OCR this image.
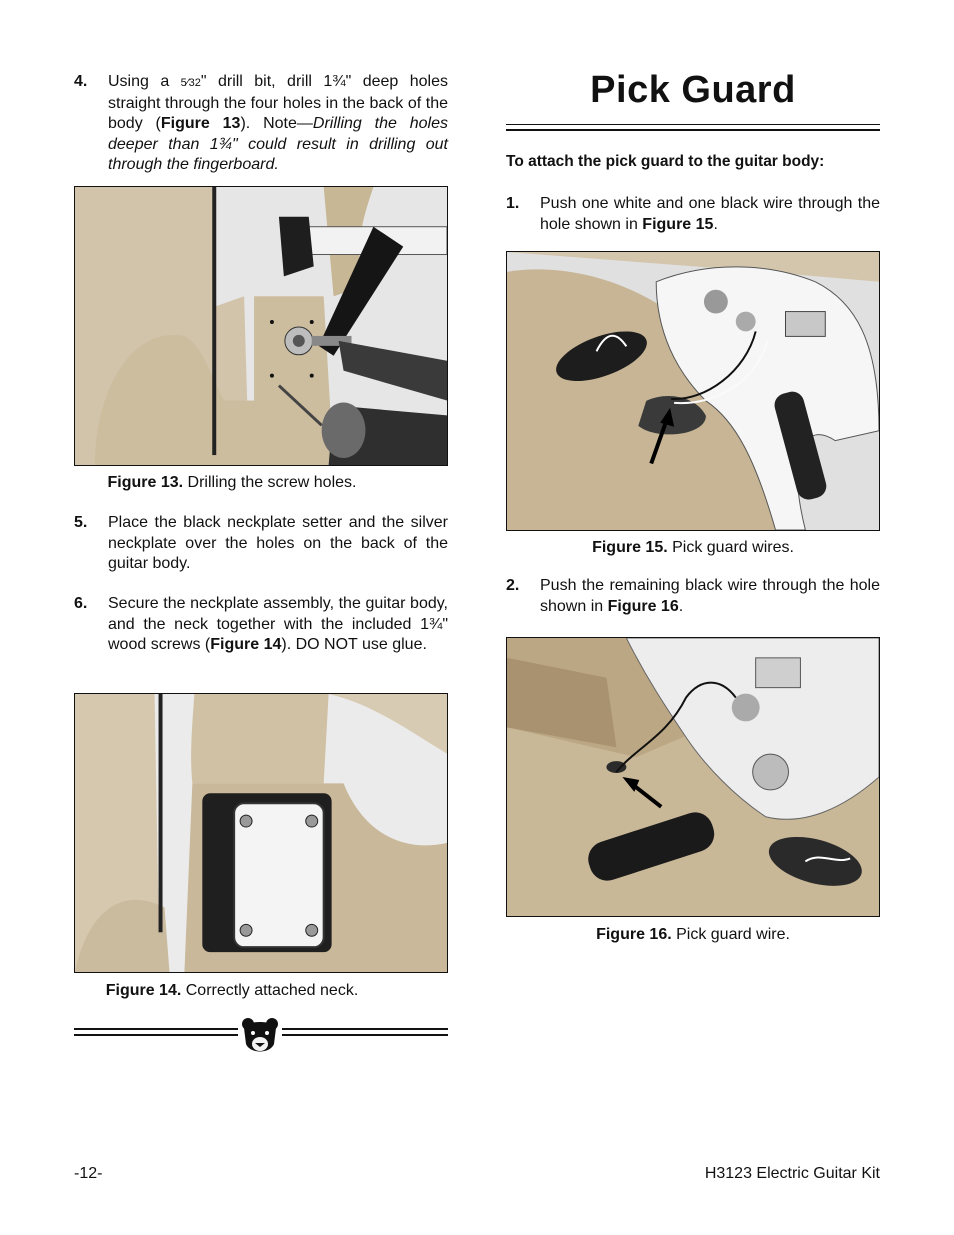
4.	Using a 5⁄32" drill bit, drill 1¾" deep holes straight through the four holes in the back of the body (Figure 13). Note—Drilling the holes deeper than 1¾" could result in drilling out through the fingerboard.
Figure 13. Drilling the screw holes.
5.	Place the black neckplate setter and the silver neckplate over the holes on the back of the guitar body.
6.	Secure the neckplate assembly, the guitar body, and the neck together with the included 1¾" wood screws (Figure 14). DO NOT use glue.
Figure 14. Correctly attached neck.
Pick Guard
To attach the pick guard to the guitar body:
1.	Push one white and one black wire through the hole shown in Figure 15.
Figure 15. Pick guard wires.
2.	Push the remaining black wire through the hole shown in Figure 16.
Figure 16. Pick guard wire.
-12-	H3123 Electric Guitar Kit
